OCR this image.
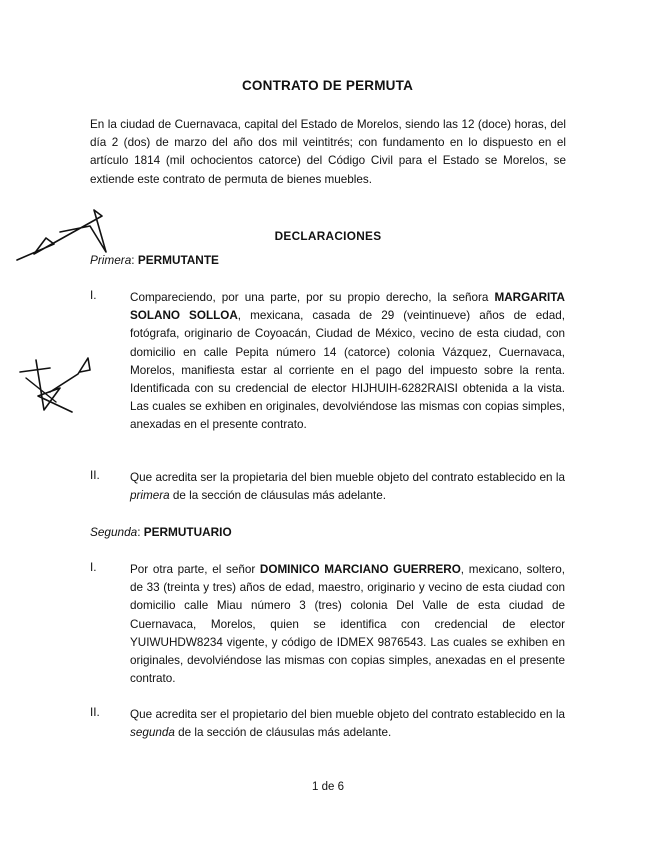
CONTRATO DE PERMUTA
En la ciudad de Cuernavaca, capital del Estado de Morelos, siendo las 12 (doce) horas, del día 2 (dos) de marzo del año dos mil veintitrés; con fundamento en lo dispuesto en el artículo 1814 (mil ochocientos catorce) del Código Civil para el Estado se Morelos, se extiende este contrato de permuta de bienes muebles.
DECLARACIONES
Primera: PERMUTANTE
I.	Compareciendo, por una parte, por su propio derecho, la señora MARGARITA SOLANO SOLLOA, mexicana, casada de 29 (veintinueve) años de edad, fotógrafa, originario de Coyoacán, Ciudad de México, vecino de esta ciudad, con domicilio en calle Pepita número 14 (catorce) colonia Vázquez, Cuernavaca, Morelos, manifiesta estar al corriente en el pago del impuesto sobre la renta. Identificada con su credencial de elector HIJHUIH-6282RAISI obtenida a la vista. Las cuales se exhiben en originales, devolviéndose las mismas con copias simples, anexadas en el presente contrato.
II.	Que acredita ser la propietaria del bien mueble objeto del contrato establecido en la primera de la sección de cláusulas más adelante.
Segunda: PERMUTUARIO
I.	Por otra parte, el señor DOMINICO MARCIANO GUERRERO, mexicano, soltero, de 33 (treinta y tres) años de edad, maestro, originario y vecino de esta ciudad con domicilio calle Miau número 3 (tres) colonia Del Valle de esta ciudad de Cuernavaca, Morelos, quien se identifica con credencial de elector YUIWUHDW8234 vigente, y código de IDMEX 9876543. Las cuales se exhiben en originales, devolviéndose las mismas con copias simples, anexadas en el presente contrato.
II.	Que acredita ser el propietario del bien mueble objeto del contrato establecido en la segunda de la sección de cláusulas más adelante.
1 de 6
